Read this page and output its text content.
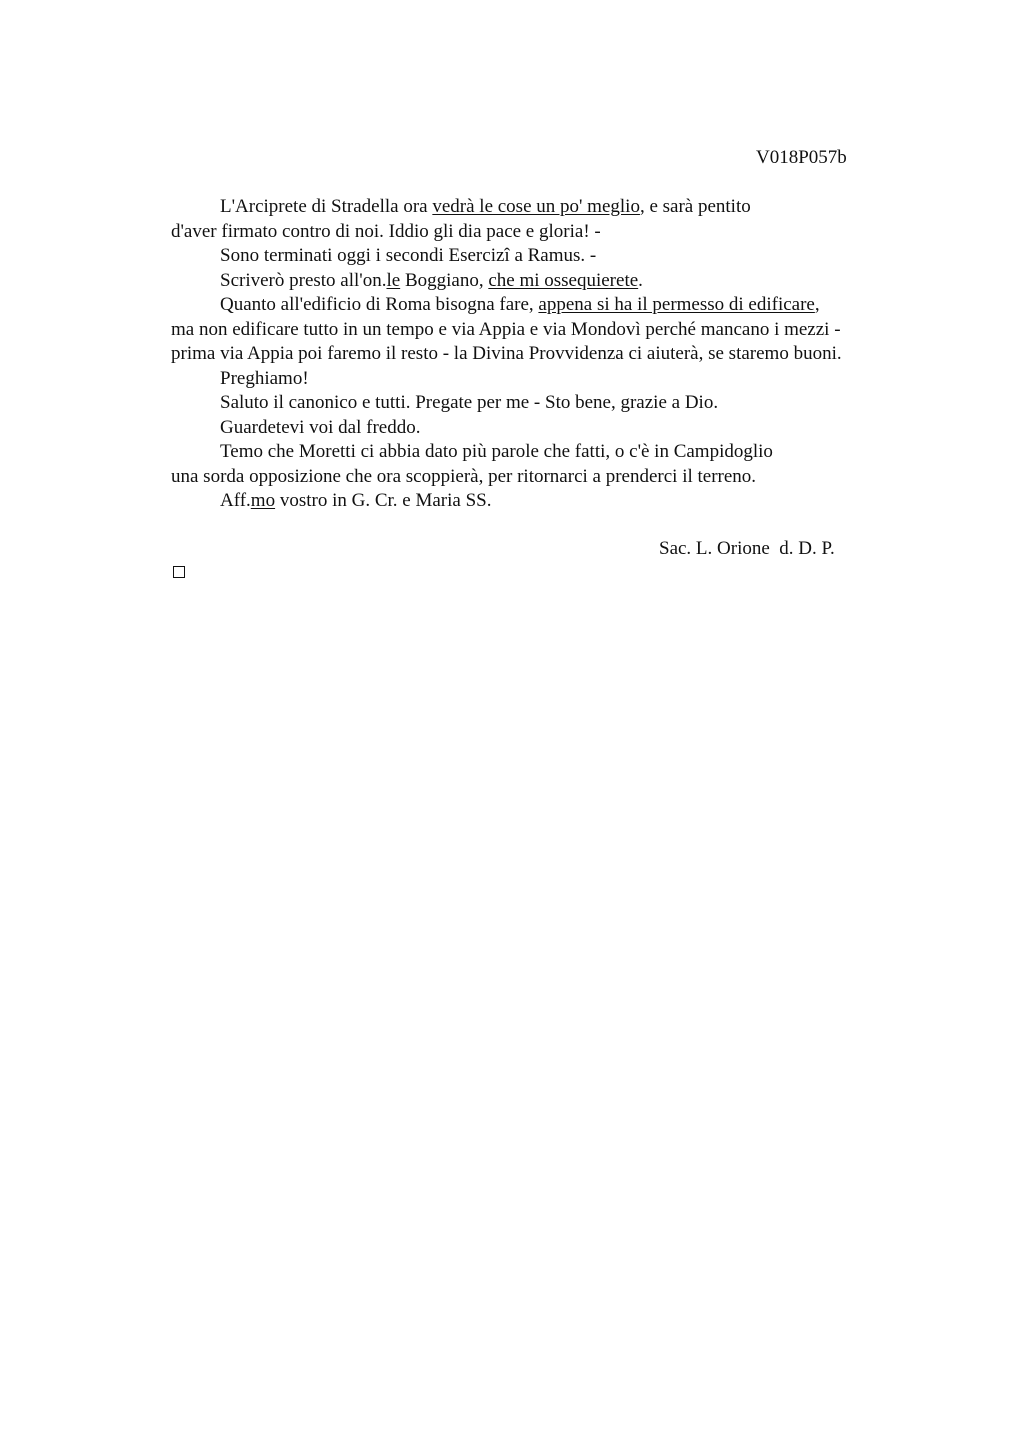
V018P057b

L'Arciprete di Stradella ora vedrà le cose un po' meglio, e sarà pentito

d'aver firmato contro di noi. Iddio gli dia pace e gloria! -

Sono terminati oggi i secondi Esercizi a Ramus. -

Scriverò presto all'on.le Boggiano, che mi ossequierete.

Quanto all'edificio di Roma bisogna fare, appena si ha il permesso di edificare,

ma non edificare tutto in un tempo e via Appia e via Mondovì perché mancano i mezzi -

prima via Appia poi faremo il resto - la Divina Provvidenza ci aiuterà, se staremo buoni.

Preghiamo!

Saluto il canonico e tutti. Pregate per me - Sto bene, grazie a Dio.

Guardetevi voi dal freddo.

Temo che Moretti ci abbia dato più parole che fatti, o c'è in Campidoglio

una sorda opposizione che ora scoppierà, per ritornarci a prenderci il terreno.

Aff.mo vostro in G. Cr. e Maria SS.

Sac. L. Orione  d. D. P.
